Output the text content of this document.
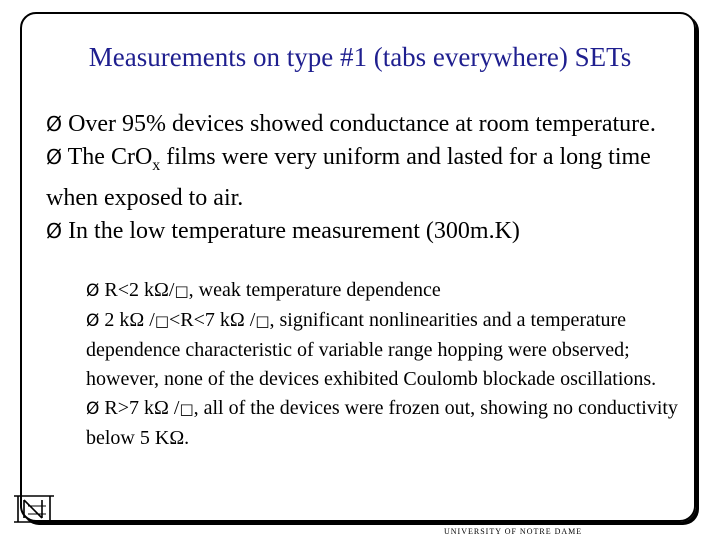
Measurements on type #1 (tabs everywhere) SETs
Ø Over 95% devices showed conductance at room temperature.
Ø The CrO$_x$ films were very uniform and lasted for a long time when exposed to air.
Ø In the low temperature measurement (300m.K)
Ø R<2 kΩ/□, weak temperature dependence
Ø 2 kΩ /□<R<7 kΩ /□, significant nonlinearities and a temperature dependence characteristic of variable range hopping were observed; however, none of the devices exhibited Coulomb blockade oscillations.
Ø R>7 kΩ /□, all of the devices were frozen out, showing no conductivity below 5 KΩ.
UNIVERSITY OF NOTRE DAME
